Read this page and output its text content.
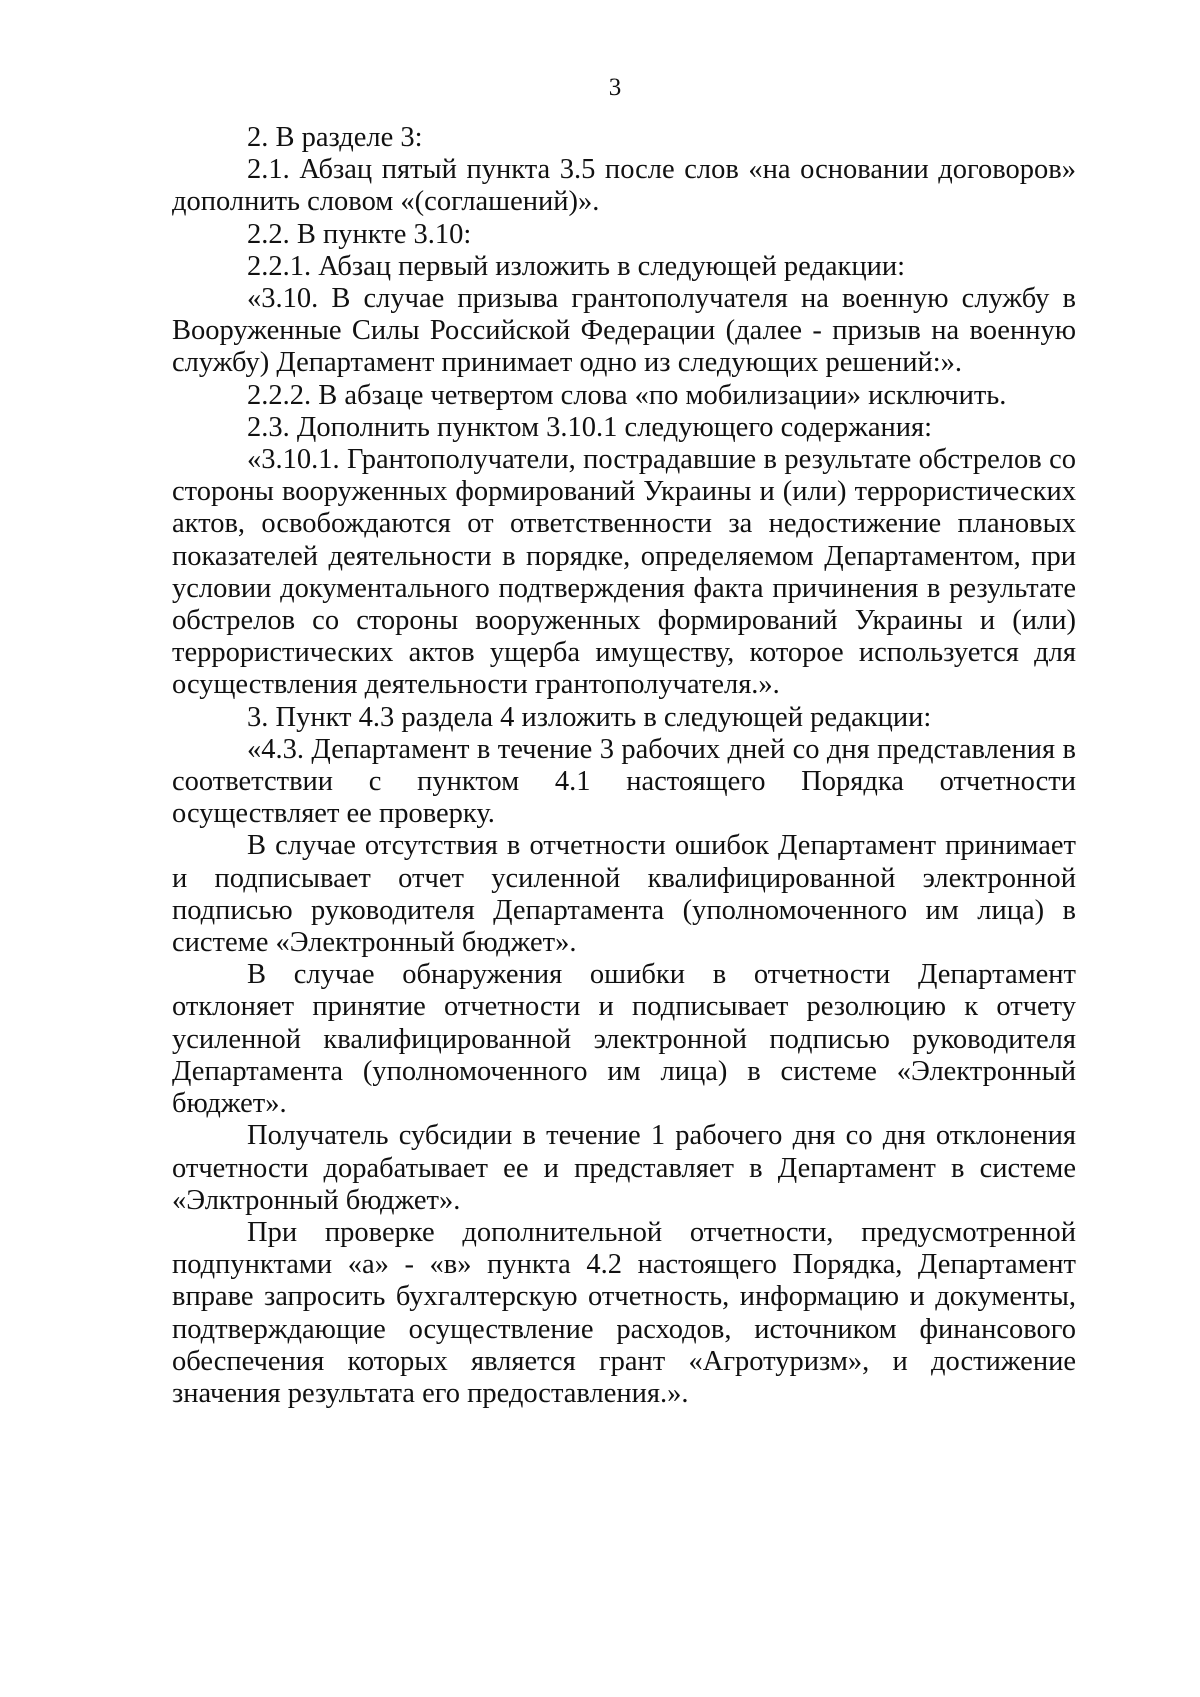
3

2. В разделе 3:

2.1. Абзац пятый пункта 3.5 после слов «на основании договоров» дополнить словом «(соглашений)».

2.2. В пункте 3.10:

2.2.1. Абзац первый изложить в следующей редакции:

«3.10. В случае призыва грантополучателя на военную службу в Вооруженные Силы Российской Федерации (далее - призыв на военную службу) Департамент принимает одно из следующих решений:».

2.2.2. В абзаце четвертом слова «по мобилизации» исключить.

2.3. Дополнить пунктом 3.10.1 следующего содержания:

«3.10.1. Грантополучатели, пострадавшие в результате обстрелов со стороны вооруженных формирований Украины и (или) террористических актов, освобождаются от ответственности за недостижение плановых показателей деятельности в порядке, определяемом Департаментом, при условии документального подтверждения факта причинения в результате обстрелов со стороны вооруженных формирований Украины и (или) террористических актов ущерба имуществу, которое используется для осуществления деятельности грантополучателя.».

3. Пункт 4.3 раздела 4 изложить в следующей редакции:

«4.3. Департамент в течение 3 рабочих дней со дня представления в соответствии с пунктом 4.1 настоящего Порядка отчетности осуществляет ее проверку.

В случае отсутствия в отчетности ошибок Департамент принимает и подписывает отчет усиленной квалифицированной электронной подписью руководителя Департамента (уполномоченного им лица) в системе «Электронный бюджет».

В случае обнаружения ошибки в отчетности Департамент отклоняет принятие отчетности и подписывает резолюцию к отчету усиленной квалифицированной электронной подписью руководителя Департамента (уполномоченного им лица) в системе «Электронный бюджет».

Получатель субсидии в течение 1 рабочего дня со дня отклонения отчетности дорабатывает ее и представляет в Департамент в системе «Элктронный бюджет».

При проверке дополнительной отчетности, предусмотренной подпунктами «а» - «в» пункта 4.2 настоящего Порядка, Департамент вправе запросить бухгалтерскую отчетность, информацию и документы, подтверждающие осуществление расходов, источником финансового обеспечения которых является грант «Агротуризм», и достижение значения результата его предоставления.».
